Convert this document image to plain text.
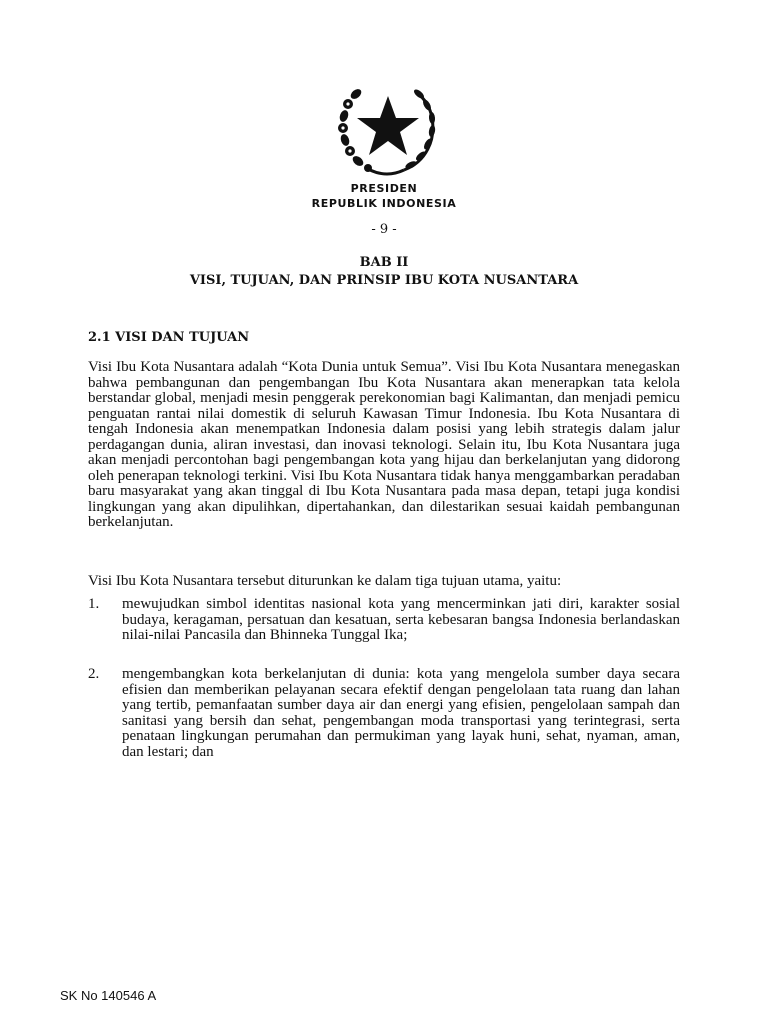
PRESIDEN

REPUBLIK INDONESIA

- 9 -

BAB II

VISI, TUJUAN, DAN PRINSIP IBU KOTA NUSANTARA

2.1 VISI DAN TUJUAN

Visi Ibu Kota Nusantara adalah “Kota Dunia untuk Semua”. Visi Ibu Kota Nusantara menegaskan bahwa pembangunan dan pengembangan Ibu Kota Nusantara akan menerapkan tata kelola berstandar global, menjadi mesin penggerak perekonomian bagi Kalimantan, dan menjadi pemicu penguatan rantai nilai domestik di seluruh Kawasan Timur Indonesia. Ibu Kota Nusantara di tengah Indonesia akan menempatkan Indonesia dalam posisi yang lebih strategis dalam jalur perdagangan dunia, aliran investasi, dan inovasi teknologi. Selain itu, Ibu Kota Nusantara juga akan menjadi percontohan bagi pengembangan kota yang hijau dan berkelanjutan yang didorong oleh penerapan teknologi terkini. Visi Ibu Kota Nusantara tidak hanya menggambarkan peradaban baru masyarakat yang akan tinggal di Ibu Kota Nusantara pada masa depan, tetapi juga kondisi lingkungan yang akan dipulihkan, dipertahankan, dan dilestarikan sesuai kaidah pembangunan berkelanjutan.

Visi Ibu Kota Nusantara tersebut diturunkan ke dalam tiga tujuan utama, yaitu:

1. mewujudkan simbol identitas nasional kota yang mencerminkan jati diri, karakter sosial budaya, keragaman, persatuan dan kesatuan, serta kebesaran bangsa Indonesia berlandaskan nilai-nilai Pancasila dan Bhinneka Tunggal Ika;

2. mengembangkan kota berkelanjutan di dunia: kota yang mengelola sumber daya secara efisien dan memberikan pelayanan secara efektif dengan pengelolaan tata ruang dan lahan yang tertib, pemanfaatan sumber daya air dan energi yang efisien, pengelolaan sampah dan sanitasi yang bersih dan sehat, pengembangan moda transportasi yang terintegrasi, serta penataan lingkungan perumahan dan permukiman yang layak huni, sehat, nyaman, aman, dan lestari; dan

SK No 140546 A
